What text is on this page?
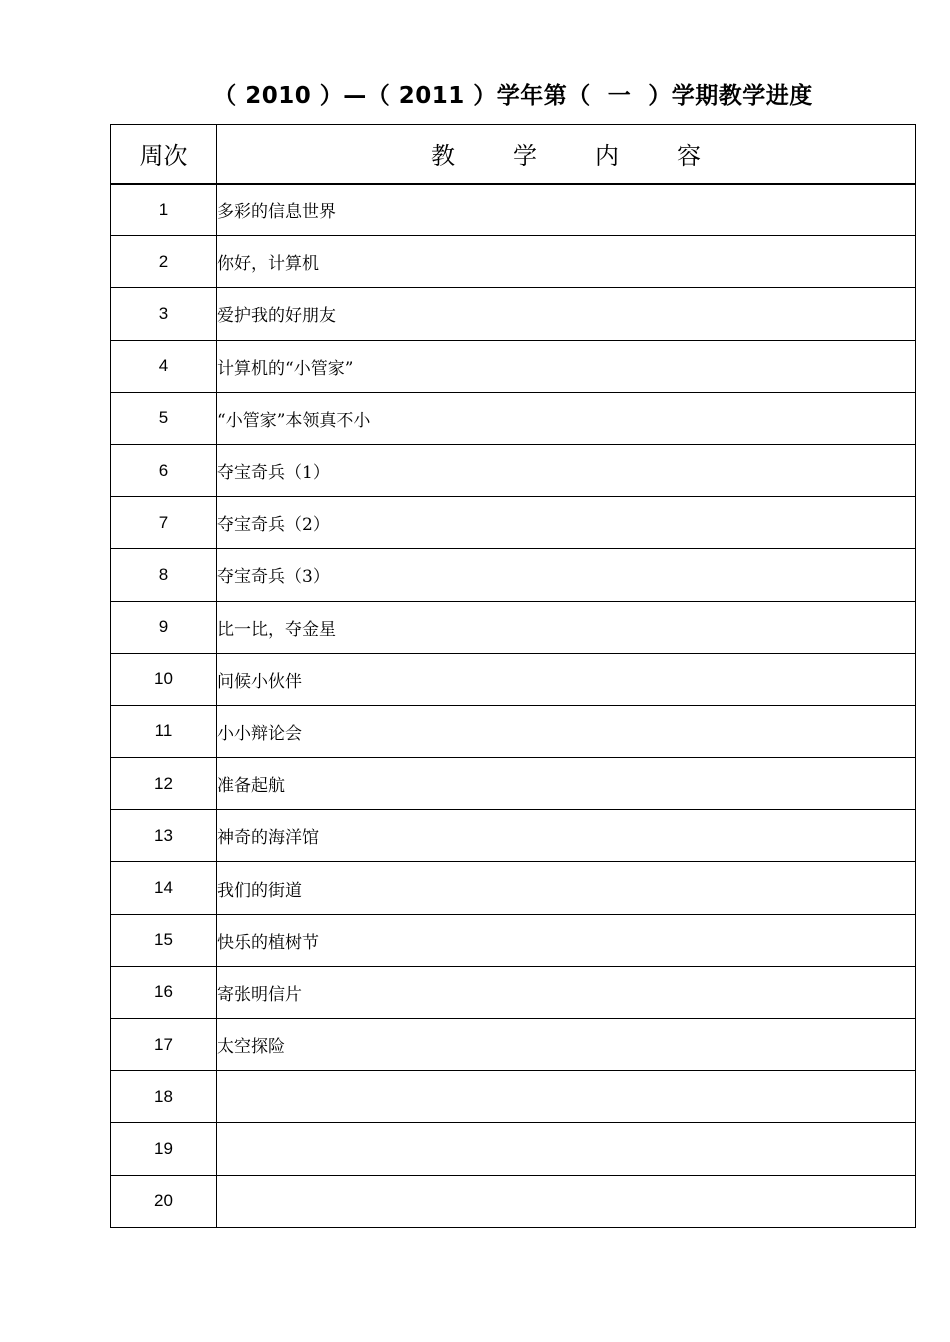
（ 2010 ）—（ 2011 ）学年第（  一  ）学期教学进度
周次	教学内容
1	多彩的信息世界
2	你好，计算机
3	爱护我的好朋友
4	计算机的“小管家”
5	“小管家”本领真不小
6	夺宝奇兵（1）
7	夺宝奇兵（2）
8	夺宝奇兵（3）
9	比一比，夺金星
10	问候小伙伴
11	小小辩论会
12	准备起航
13	神奇的海洋馆
14	我们的街道
15	快乐的植树节
16	寄张明信片
17	太空探险
18	
19	
20	
